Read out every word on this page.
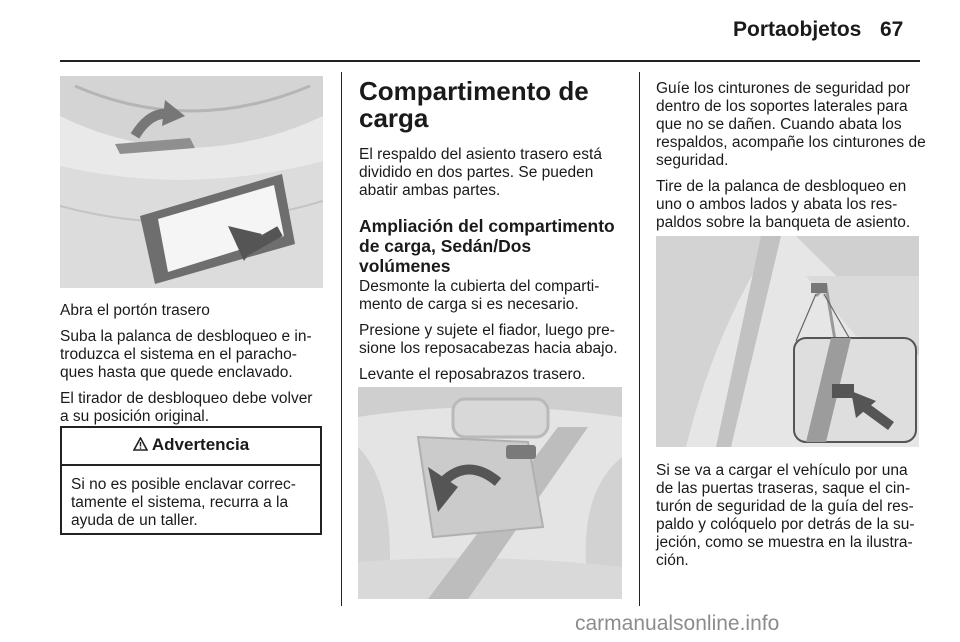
Portaobjetos 67

Abra el portón trasero

Suba la palanca de desbloqueo e in-troduzca el sistema en el paracho-ques hasta que quede enclavado.

El tirador de desbloqueo debe volver a su posición original.

Advertencia
Si no es posible enclavar correc-tamente el sistema, recurra a la ayuda de un taller.
Compartimento de carga

El respaldo del asiento trasero está dividido en dos partes. Se pueden abatir ambas partes.

Ampliación del compartimento de carga, Sedán/Dos volúmenes

Desmonte la cubierta del comparti-mento de carga si es necesario.

Presione y sujete el fiador, luego pre-sione los reposacabezas hacia abajo.

Levante el reposabrazos trasero.

Guíe los cinturones de seguridad por dentro de los soportes laterales para que no se dañen. Cuando abata los respaldos, acompañe los cinturones de seguridad.

Tire de la palanca de desbloqueo en uno o ambos lados y abata los res-paldos sobre la banqueta de asiento.

Si se va a cargar el vehículo por una de las puertas traseras, saque el cin-turón de seguridad de la guía del res-paldo y colóquelo por detrás de la su-jeción, como se muestra en la ilustra-ción.

carmanualsonline.info
